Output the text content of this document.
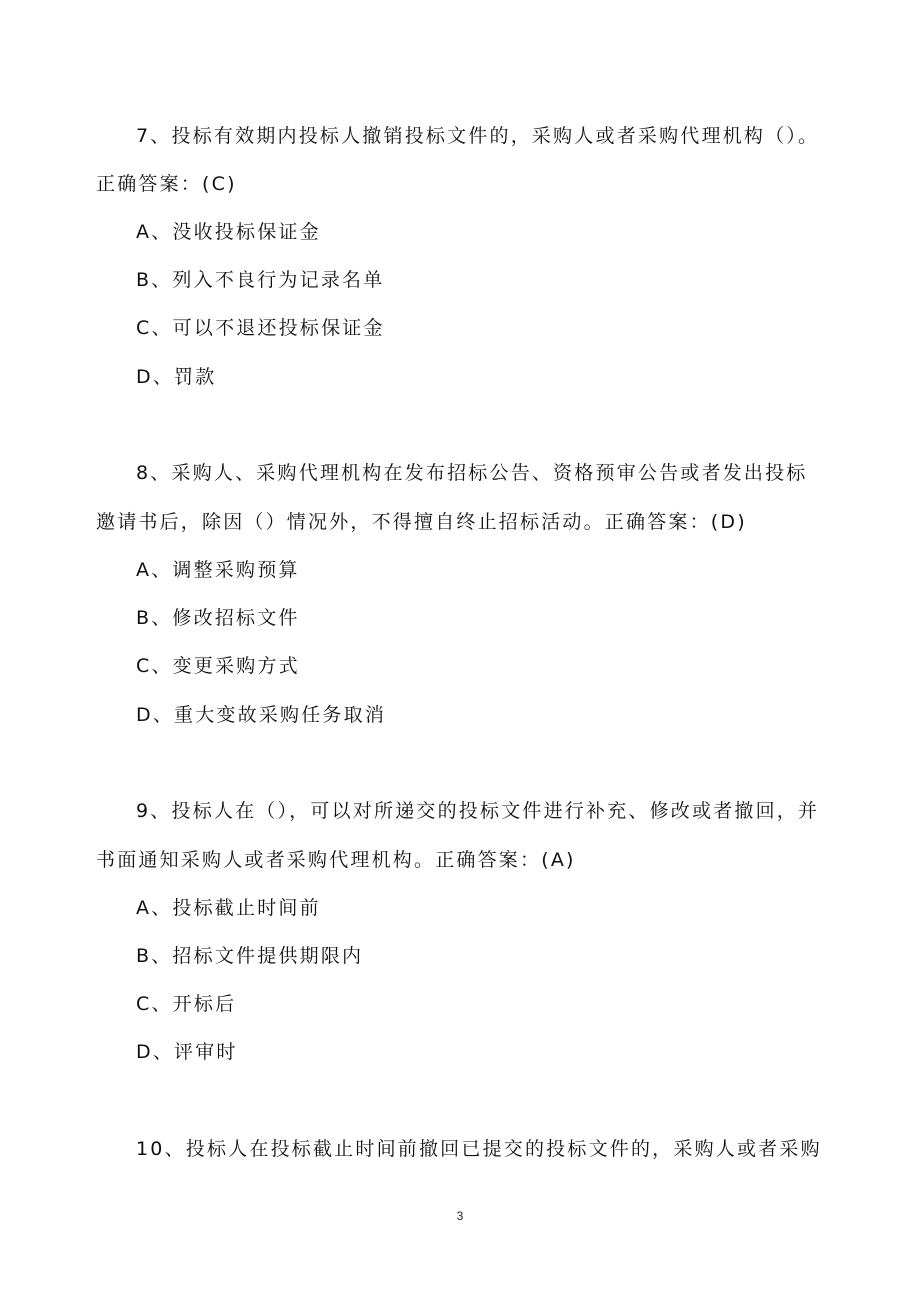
7、投标有效期内投标人撤销投标文件的，采购人或者采购代理机构（）。
正确答案：(C)
A、没收投标保证金
B、列入不良行为记录名单
C、可以不退还投标保证金
D、罚款
8、采购人、采购代理机构在发布招标公告、资格预审公告或者发出投标
邀请书后，除因（）情况外，不得擅自终止招标活动。正确答案：(D)
A、调整采购预算
B、修改招标文件
C、变更采购方式
D、重大变故采购任务取消
9、投标人在（），可以对所递交的投标文件进行补充、修改或者撤回，并
书面通知采购人或者采购代理机构。正确答案：(A)
A、投标截止时间前
B、招标文件提供期限内
C、开标后
D、评审时
10、投标人在投标截止时间前撤回已提交的投标文件的，采购人或者采购
3
